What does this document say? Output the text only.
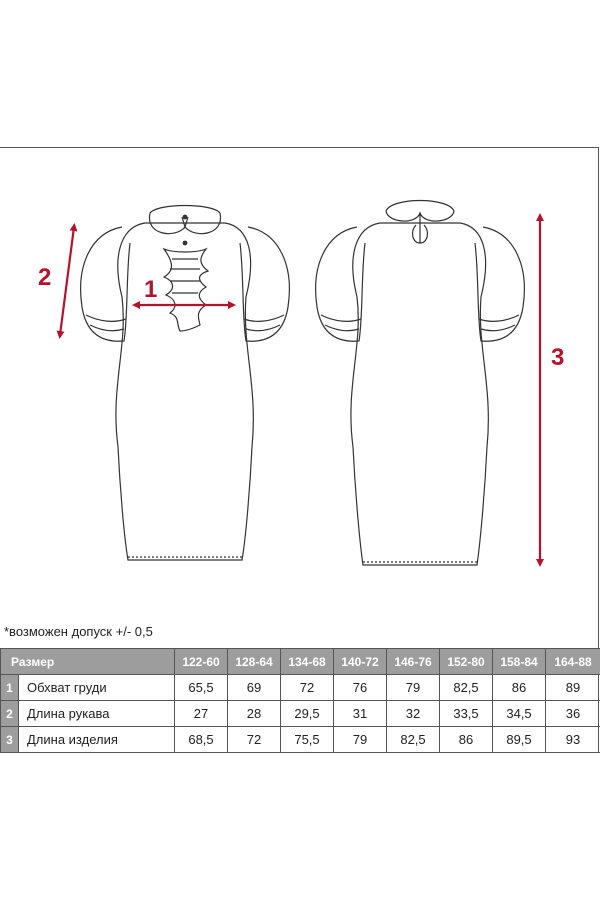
1
2
3
*возможен допуск +/- 0,5
Размер		122-60	128-64	134-68	140-72	146-76	152-80	158-84	164-88
1	Обхват груди	65,5	69	72	76	79	82,5	86	89
2	Длина рукава	27	28	29,5	31	32	33,5	34,5	36
3	Длина изделия	68,5	72	75,5	79	82,5	86	89,5	93
